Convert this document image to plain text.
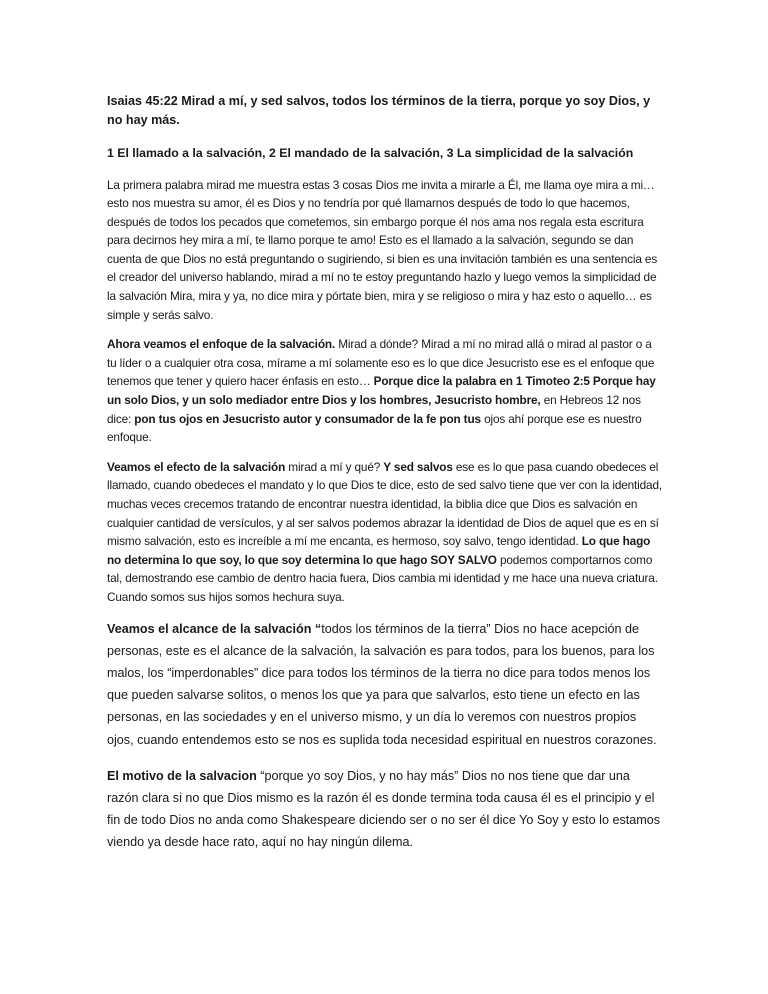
Isaias 45:22 Mirad a mí, y sed salvos, todos los términos de la tierra, porque yo soy Dios, y no hay más.

1 El llamado a la salvación, 2 El mandado de la salvación, 3 La simplicidad de la salvación

La primera palabra mirad me muestra estas 3 cosas Dios me invita a mirarle a Él, me llama oye mira a mi… esto nos muestra su amor, él es Dios y no tendría por qué llamarnos después de todo lo que hacemos, después de todos los pecados que cometemos, sin embargo porque él nos ama nos regala esta escritura para decirnos hey mira a mí, te llamo porque te amo! Esto es el llamado a la salvación, segundo se dan cuenta de que Dios no está preguntando o sugiriendo, si bien es una invitación también es una sentencia es el creador del universo hablando, mirad a mí no te estoy preguntando hazlo y luego vemos la simplicidad de la salvación Mira, mira y ya, no dice mira y pórtate bien, mira y se religioso o mira y haz esto o aquello… es simple y serás salvo.

Ahora veamos el enfoque de la salvación. Mirad a dónde? Mirad a mí no mirad allá o mirad al pastor o a tu líder o a cualquier otra cosa, mírame a mí solamente eso es lo que dice Jesucristo ese es el enfoque que tenemos que tener y quiero hacer énfasis en esto… Porque dice la palabra en 1 Timoteo 2:5 Porque hay un solo Dios, y un solo mediador entre Dios y los hombres, Jesucristo hombre, en Hebreos 12 nos dice: pon tus ojos en Jesucristo autor y consumador de la fe pon tus ojos ahí porque ese es nuestro enfoque.

Veamos el efecto de la salvación mirad a mí y qué? Y sed salvos ese es lo que pasa cuando obedeces el llamado, cuando obedeces el mandato y lo que Dios te dice, esto de sed salvo tiene que ver con la identidad, muchas veces crecemos tratando de encontrar nuestra identidad, la biblia dice que Dios es salvación en cualquier cantidad de versículos, y al ser salvos podemos abrazar la identidad de Dios de aquel que es en sí mismo salvación, esto es increíble a mí me encanta, es hermoso, soy salvo, tengo identidad. Lo que hago no determina lo que soy, lo que soy determina lo que hago SOY SALVO podemos comportarnos como tal, demostrando ese cambio de dentro hacia fuera, Dios cambia mi identidad y me hace una nueva criatura. Cuando somos sus hijos somos hechura suya.

Veamos el alcance de la salvación “todos los términos de la tierra” Dios no hace acepción de personas, este es el alcance de la salvación, la salvación es para todos, para los buenos, para los malos, los “imperdonables” dice para todos los términos de la tierra no dice para todos menos los que pueden salvarse solitos, o menos los que ya para que salvarlos, esto tiene un efecto en las personas, en las sociedades y en el universo mismo, y un día lo veremos con nuestros propios ojos, cuando entendemos esto se nos es suplida toda necesidad espiritual en nuestros corazones.

El motivo de la salvacion “porque yo soy Dios, y no hay más” Dios no nos tiene que dar una razón clara si no que Dios mismo es la razón él es donde termina toda causa él es el principio y el fin de todo Dios no anda como Shakespeare diciendo ser o no ser él dice Yo Soy y esto lo estamos viendo ya desde hace rato, aquí no hay ningún dilema.
